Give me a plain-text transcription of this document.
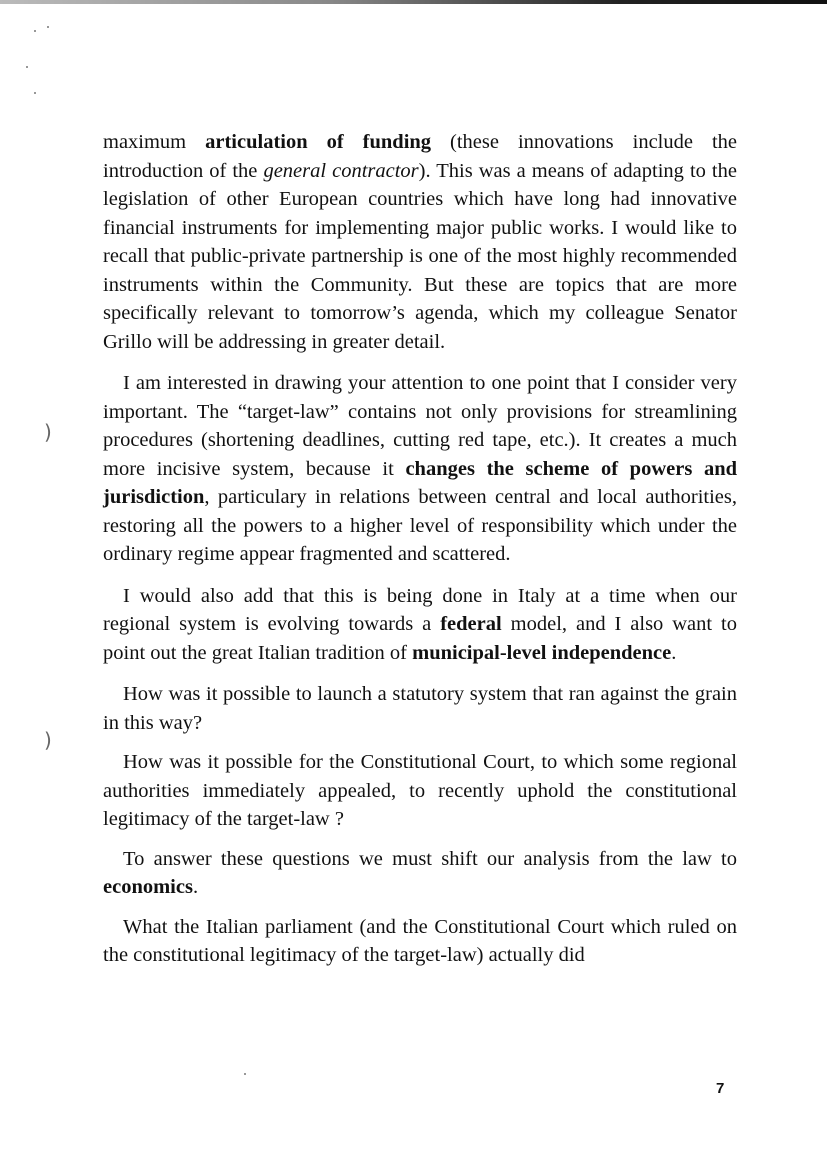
)
)

maximum articulation of funding (these innovations include the introduction of the general contractor). This was a means of adapting to the legislation of other European countries which have long had innovative financial instruments for implementing major public works. I would like to recall that public-private partnership is one of the most highly recommended instruments within the Community. But these are topics that are more specifically relevant to tomorrow’s agenda, which my colleague Senator Grillo will be addressing in greater detail.

I am interested in drawing your attention to one point that I consider very important. The “target-law” contains not only provisions for streamlining procedures (shortening deadlines, cutting red tape, etc.). It creates a much more incisive system, because it changes the scheme of powers and jurisdiction, particulary in relations between central and local authorities, restoring all the powers to a higher level of responsibility which under the ordinary regime appear fragmented and scattered.

I would also add that this is being done in Italy at a time when our regional system is evolving towards a federal model, and I also want to point out the great Italian tradition of municipal-level independence.

How was it possible to launch a statutory system that ran against the grain in this way?

How was it possible for the Constitutional Court, to which some regional authorities immediately appealed, to recently uphold the constitutional legitimacy of the target-law ?

To answer these questions we must shift our analysis from the law to economics.

What the Italian parliament (and the Constitutional Court which ruled on the constitutional legitimacy of the target-law) actually did

7
